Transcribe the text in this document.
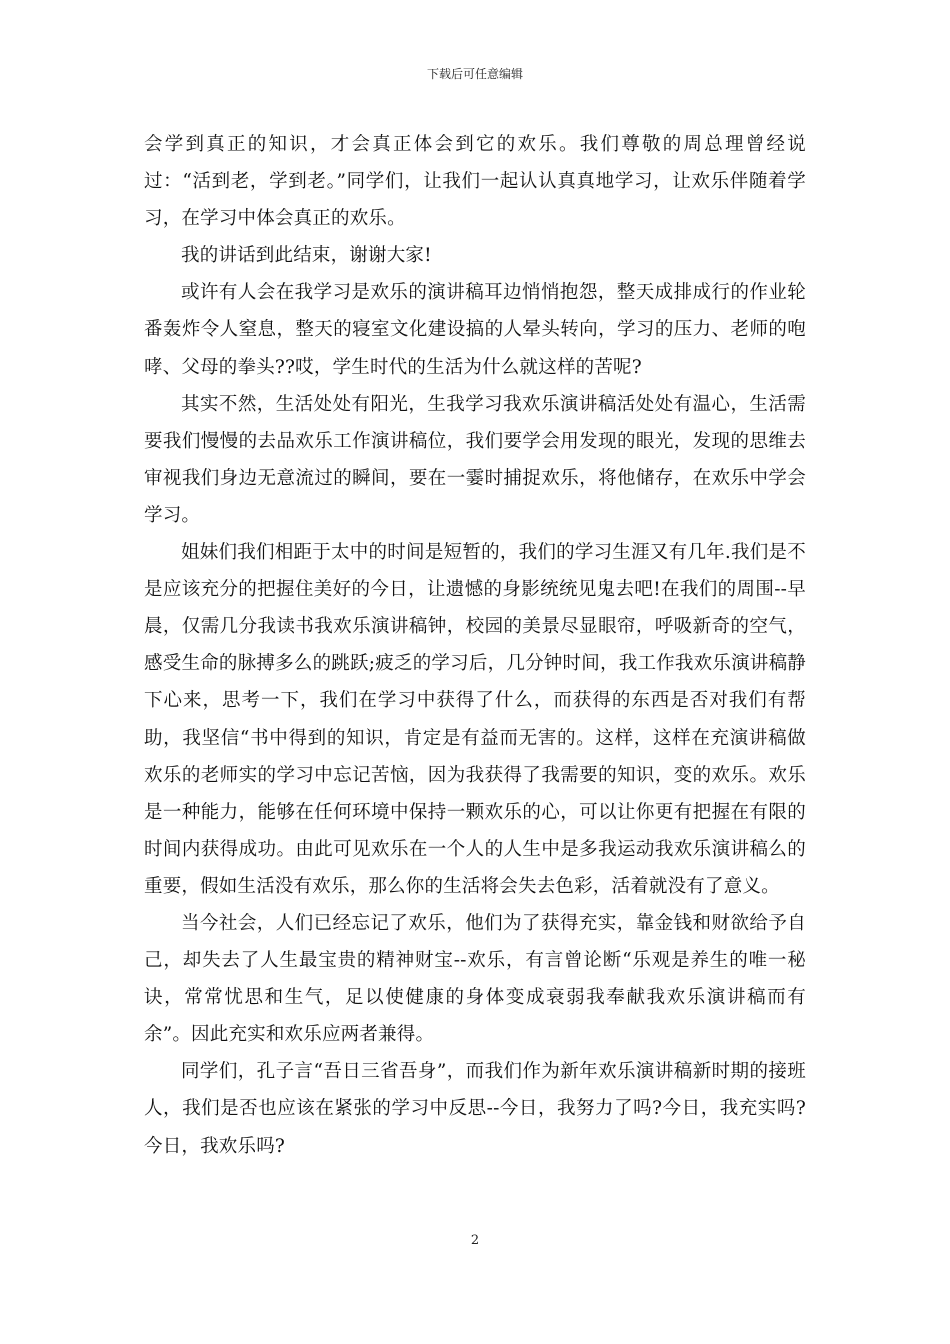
下载后可任意编辑

会学到真正的知识，才会真正体会到它的欢乐。我们尊敬的周总理曾经说过：“活到老，学到老。”同学们，让我们一起认认真真地学习，让欢乐伴随着学习，在学习中体会真正的欢乐。

我的讲话到此结束，谢谢大家!

或许有人会在我学习是欢乐的演讲稿耳边悄悄抱怨，整天成排成行的作业轮番轰炸令人窒息，整天的寝室文化建设搞的人晕头转向，学习的压力、老师的咆哮、父母的拳头??哎，学生时代的生活为什么就这样的苦呢?

其实不然，生活处处有阳光，生我学习我欢乐演讲稿活处处有温心，生活需要我们慢慢的去品欢乐工作演讲稿位，我们要学会用发现的眼光，发现的思维去审视我们身边无意流过的瞬间，要在一霎时捕捉欢乐，将他储存，在欢乐中学会学习。

姐妹们我们相距于太中的时间是短暂的，我们的学习生涯又有几年.我们是不是应该充分的把握住美好的今日，让遗憾的身影统统见鬼去吧!在我们的周围--早晨，仅需几分我读书我欢乐演讲稿钟，校园的美景尽显眼帘，呼吸新奇的空气，感受生命的脉搏多么的跳跃;疲乏的学习后，几分钟时间，我工作我欢乐演讲稿静下心来，思考一下，我们在学习中获得了什么，而获得的东西是否对我们有帮助，我坚信“书中得到的知识，肯定是有益而无害的。这样，这样在充演讲稿做欢乐的老师实的学习中忘记苦恼，因为我获得了我需要的知识，变的欢乐。欢乐是一种能力，能够在任何环境中保持一颗欢乐的心，可以让你更有把握在有限的时间内获得成功。由此可见欢乐在一个人的人生中是多我运动我欢乐演讲稿么的重要，假如生活没有欢乐，那么你的生活将会失去色彩，活着就没有了意义。

当今社会，人们已经忘记了欢乐，他们为了获得充实，靠金钱和财欲给予自己，却失去了人生最宝贵的精神财宝--欢乐，有言曾论断“乐观是养生的唯一秘诀，常常忧思和生气，足以使健康的身体变成衰弱我奉献我欢乐演讲稿而有余”。因此充实和欢乐应两者兼得。

同学们，孔子言“吾日三省吾身”，而我们作为新年欢乐演讲稿新时期的接班人，我们是否也应该在紧张的学习中反思--今日，我努力了吗?今日，我充实吗?今日，我欢乐吗?

2
